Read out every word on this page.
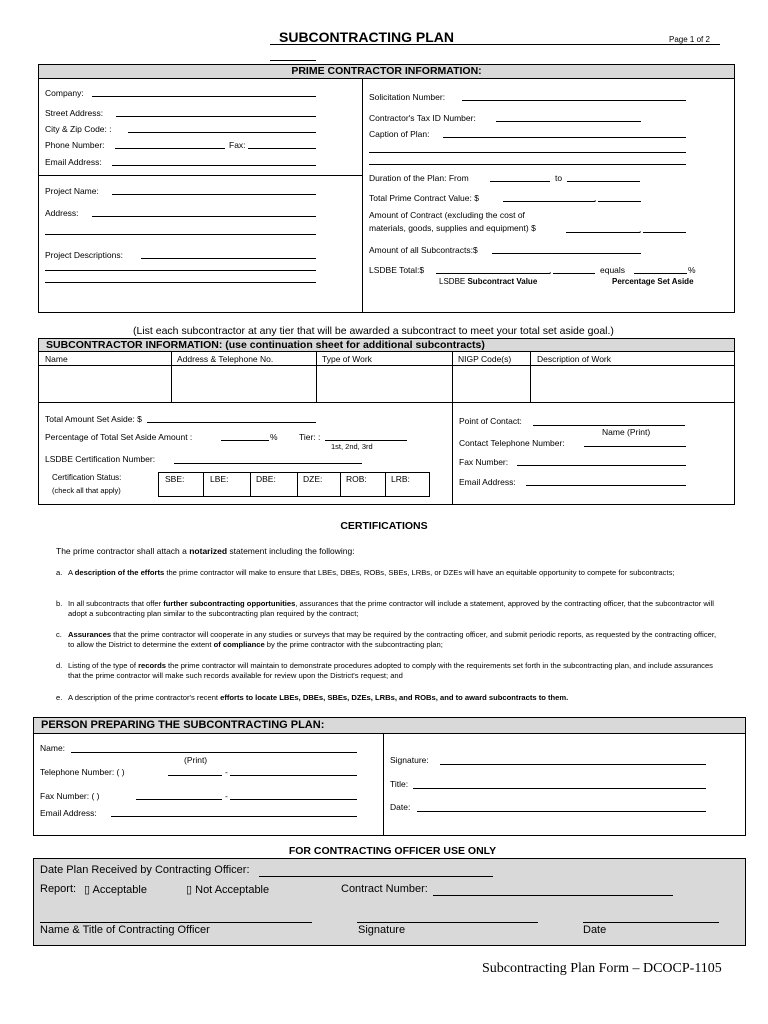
SUBCONTRACTING PLAN	Page 1 of 2
PRIME CONTRACTOR INFORMATION:
Company:
Street Address:
City & Zip Code: :
Phone Number:	Fax:
Email Address:
Project Name:
Address:
Project Descriptions:
Solicitation Number:
Contractor's Tax ID Number:
Caption of Plan:
Duration of the Plan: From	to
Total Prime Contract Value: $	,
Amount of Contract (excluding the cost of
materials, goods, supplies and equipment) $	,
Amount of all Subcontracts:$
LSDBE Total:$	,	equals	%
LSDBE Subcontract Value	Percentage Set Aside
(List each subcontractor at any tier that will be awarded a subcontract to meet your total set aside goal.)
SUBCONTRACTOR INFORMATION: (use continuation sheet for additional subcontracts)
Name	Address & Telephone No.	Type of Work	NIGP Code(s)	Description of Work
Total Amount Set Aside: $
Percentage of Total Set Aside Amount :	%	Tier: :
1st, 2nd, 3rd
LSDBE Certification Number:
Certification Status:
(check all that apply)
SBE:	LBE:	DBE:	DZE:	ROB:	LRB:
Point of Contact:
Name (Print)
Contact Telephone Number:
Fax Number:
Email Address:
CERTIFICATIONS
The prime contractor shall attach a notarized statement including the following:
a. A description of the efforts the prime contractor will make to ensure that LBEs, DBEs, ROBs, SBEs, LRBs, or DZEs will have an equitable opportunity to compete for subcontracts;
b. In all subcontracts that offer further subcontracting opportunities, assurances that the prime contractor will include a statement, approved by the contracting officer, that the subcontractor will adopt a subcontracting plan similar to the subcontracting plan required by the contract;
c. Assurances that the prime contractor will cooperate in any studies or surveys that may be required by the contracting officer, and submit periodic reports, as requested by the contracting officer, to allow the District to determine the extent of compliance by the prime contractor with the subcontracting plan;
d. Listing of the type of records the prime contractor will maintain to demonstrate procedures adopted to comply with the requirements set forth in the subcontracting plan, and include assurances that the prime contractor will make such records available for review upon the District's request; and
e. A description of the prime contractor's recent efforts to locate LBEs, DBEs, SBEs, DZEs, LRBs, and ROBs, and to award subcontracts to them.
PERSON PREPARING THE SUBCONTRACTING PLAN:
Name:
(Print)
Telephone Number: ( )	-
Fax Number: ( )	-
Email Address:
Signature:
Title:
Date:
FOR CONTRACTING OFFICER USE ONLY
Date Plan Received by Contracting Officer:
Report: ▯ Acceptable	▯ Not Acceptable	Contract Number:
Name & Title of Contracting Officer	Signature	Date
Subcontracting Plan Form – DCOCP-1105
